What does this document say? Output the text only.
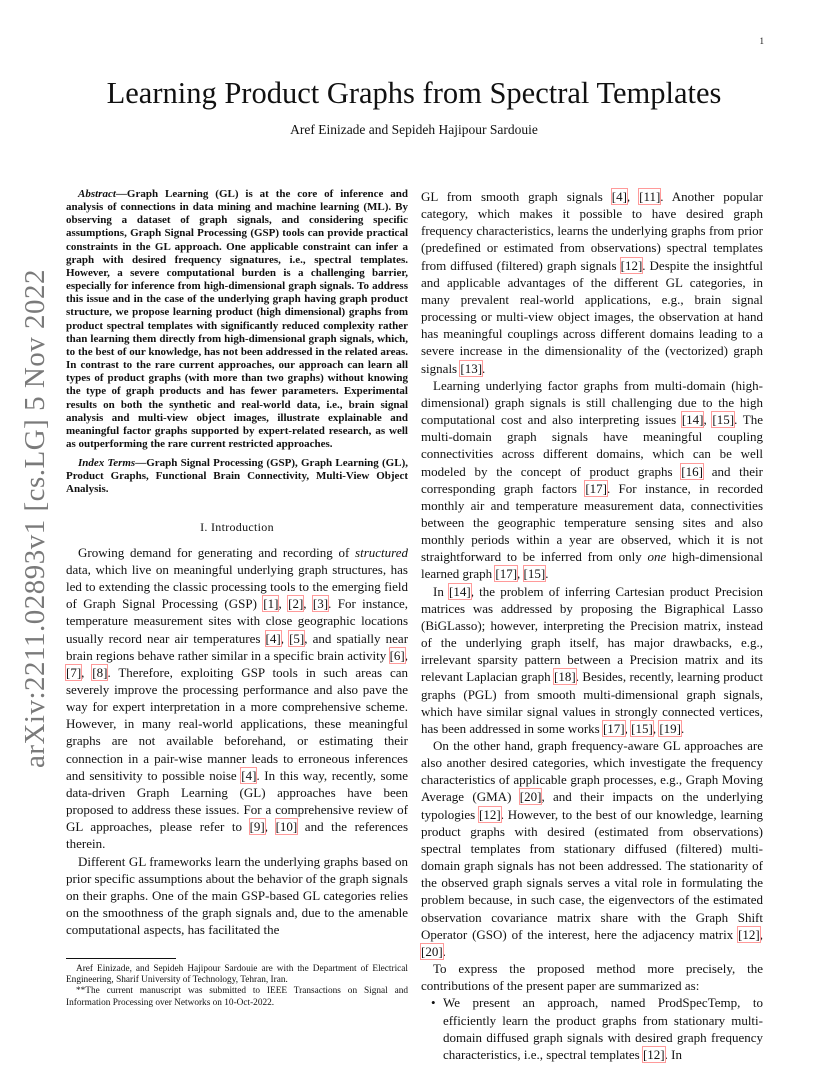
1
arXiv:2211.02893v1 [cs.LG] 5 Nov 2022
Learning Product Graphs from Spectral Templates
Aref Einizade and Sepideh Hajipour Sardouie

Abstract—Graph Learning (GL) is at the core of inference and analysis of connections in data mining and machine learning (ML). By observing a dataset of graph signals, and considering specific assumptions, Graph Signal Processing (GSP) tools can provide practical constraints in the GL approach. One applicable constraint can infer a graph with desired frequency signatures, i.e., spectral templates. However, a severe computational burden is a challenging barrier, especially for inference from high-dimensional graph signals. To address this issue and in the case of the underlying graph having graph product structure, we propose learning product (high dimensional) graphs from product spectral templates with significantly reduced complexity rather than learning them directly from high-dimensional graph signals, which, to the best of our knowledge, has not been addressed in the related areas. In contrast to the rare current approaches, our approach can learn all types of product graphs (with more than two graphs) without knowing the type of graph products and has fewer parameters. Experimental results on both the synthetic and real-world data, i.e., brain signal analysis and multi-view object images, illustrate explainable and meaningful factor graphs supported by expert-related research, as well as outperforming the rare current restricted approaches.

Index Terms—Graph Signal Processing (GSP), Graph Learning (GL), Product Graphs, Functional Brain Connectivity, Multi-View Object Analysis.

I. Introduction

Growing demand for generating and recording of structured data, which live on meaningful underlying graph structures, has led to extending the classic processing tools to the emerging field of Graph Signal Processing (GSP) [1], [2], [3]. For instance, temperature measurement sites with close geographic locations usually record near air temperatures [4], [5], and spatially near brain regions behave rather similar in a specific brain activity [6], [7], [8]. Therefore, exploiting GSP tools in such areas can severely improve the processing performance and also pave the way for expert interpretation in a more comprehensive scheme. However, in many real-world applications, these meaningful graphs are not available beforehand, or estimating their connection in a pair-wise manner leads to erroneous inferences and sensitivity to possible noise [4]. In this way, recently, some data-driven Graph Learning (GL) approaches have been proposed to address these issues. For a comprehensive review of GL approaches, please refer to [9], [10] and the references therein.

Different GL frameworks learn the underlying graphs based on prior specific assumptions about the behavior of the graph signals on their graphs. One of the main GSP-based GL categories relies on the smoothness of the graph signals and, due to the amenable computational aspects, has facilitated the

Aref Einizade, and Sepideh Hajipour Sardouie are with the Department of Electrical Engineering, Sharif University of Technology, Tehran, Iran.

**The current manuscript was submitted to IEEE Transactions on Signal and Information Processing over Networks on 10-Oct-2022.

GL from smooth graph signals [4], [11]. Another popular category, which makes it possible to have desired graph frequency characteristics, learns the underlying graphs from prior (predefined or estimated from observations) spectral templates from diffused (filtered) graph signals [12]. Despite the insightful and applicable advantages of the different GL categories, in many prevalent real-world applications, e.g., brain signal processing or multi-view object images, the observation at hand has meaningful couplings across different domains leading to a severe increase in the dimensionality of the (vectorized) graph signals [13].

Learning underlying factor graphs from multi-domain (high-dimensional) graph signals is still challenging due to the high computational cost and also interpreting issues [14], [15]. The multi-domain graph signals have meaningful coupling connectivities across different domains, which can be well modeled by the concept of product graphs [16] and their corresponding graph factors [17]. For instance, in recorded monthly air and temperature measurement data, connectivities between the geographic temperature sensing sites and also monthly periods within a year are observed, which it is not straightforward to be inferred from only one high-dimensional learned graph [17], [15].

In [14], the problem of inferring Cartesian product Precision matrices was addressed by proposing the Bigraphical Lasso (BiGLasso); however, interpreting the Precision matrix, instead of the underlying graph itself, has major drawbacks, e.g., irrelevant sparsity pattern between a Precision matrix and its relevant Laplacian graph [18]. Besides, recently, learning product graphs (PGL) from smooth multi-dimensional graph signals, which have similar signal values in strongly connected vertices, has been addressed in some works [17], [15], [19].

On the other hand, graph frequency-aware GL approaches are also another desired categories, which investigate the frequency characteristics of applicable graph processes, e.g., Graph Moving Average (GMA) [20], and their impacts on the underlying typologies [12]. However, to the best of our knowledge, learning product graphs with desired (estimated from observations) spectral templates from stationary diffused (filtered) multi-domain graph signals has not been addressed. The stationarity of the observed graph signals serves a vital role in formulating the problem because, in such case, the eigenvectors of the estimated observation covariance matrix share with the Graph Shift Operator (GSO) of the interest, here the adjacency matrix [12], [20].

To express the proposed method more precisely, the contributions of the present paper are summarized as:

• We present an approach, named ProdSpecTemp, to efficiently learn the product graphs from stationary multi-domain diffused graph signals with desired graph frequency characteristics, i.e., spectral templates [12]. In
